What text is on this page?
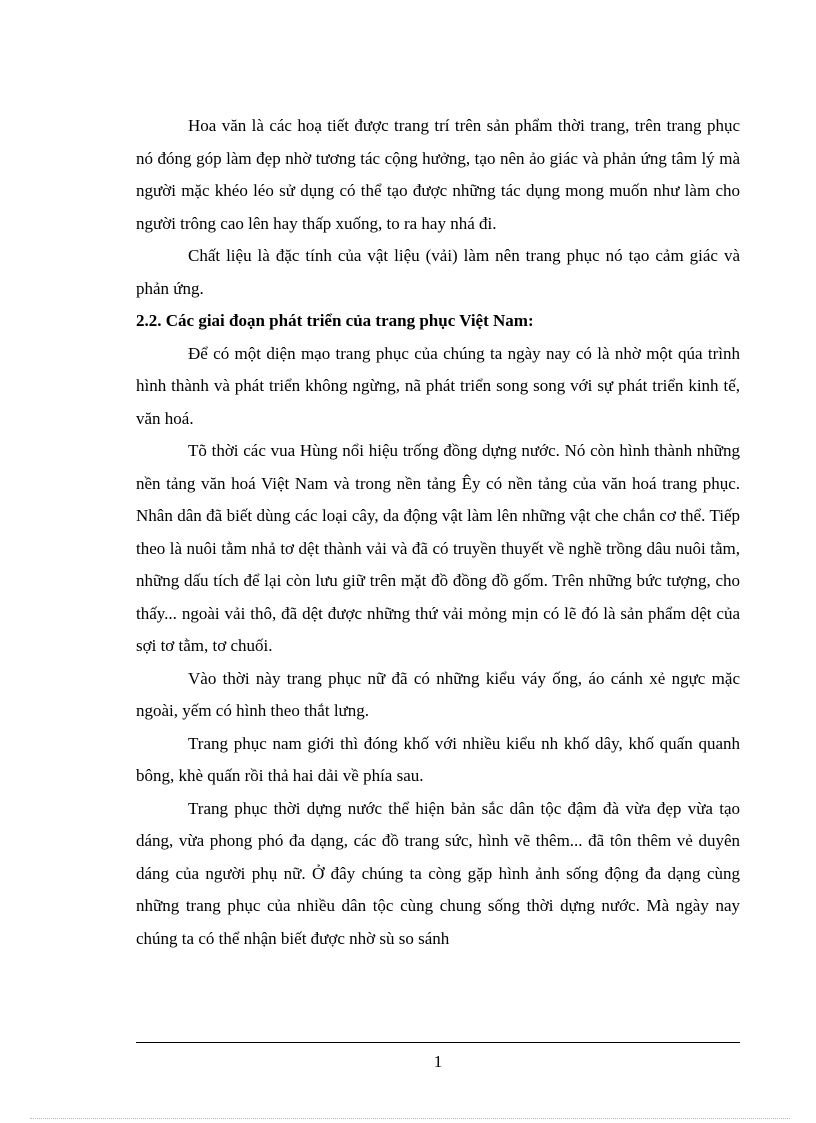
Hoa văn là các hoạ tiết được trang trí trên sản phẩm thời trang, trên trang phục nó đóng góp làm đẹp nhờ tương tác cộng hưởng, tạo nên ảo giác và phản ứng tâm lý mà người mặc khéo léo sử dụng có thể tạo được những tác dụng mong muốn như làm cho người trông cao lên hay thấp xuống, to ra hay nhá đi.

Chất liệu là đặc tính của vật liệu (vải) làm nên trang phục nó tạo cảm giác và phản ứng.

2.2. Các giai đoạn phát triển của trang phục Việt Nam:

Để có một diện mạo trang phục của chúng ta ngày nay có là nhờ một qúa trình hình thành và phát triển không ngừng, nã phát triển song song với sự phát triển kinh tế, văn hoá.

Tõ thời các vua Hùng nổi hiệu trống đồng dựng nước. Nó còn hình thành những nền tảng văn hoá Việt Nam và trong nền tảng Êy có nền tảng của văn hoá trang phục. Nhân dân đã biết dùng các loại cây, da động vật làm lên những vật che chắn cơ thể. Tiếp theo là nuôi tằm nhả tơ dệt thành vải và đã có truyền thuyết về nghề trồng dâu nuôi tằm, những dấu tích để lại còn lưu giữ trên mặt đồ đồng đồ gốm. Trên những bức tượng, cho thấy... ngoài vải thô, đã dệt được những thứ vải mỏng mịn có lẽ đó là sản phẩm dệt của sợi tơ tằm, tơ chuối.

Vào thời này trang phục nữ đã có những kiểu váy ống, áo cánh xẻ ngực mặc ngoài, yếm có hình theo thắt lưng.

Trang phục nam giới thì đóng khố với nhiều kiểu nh khố dây, khố quấn quanh bông, khè quấn rồi thả hai dải về phía sau.

Trang phục thời dựng nước thể hiện bản sắc dân tộc đậm đà vừa đẹp vừa tạo dáng, vừa phong phó đa dạng, các đồ trang sức, hình vẽ thêm... đã tôn thêm vẻ duyên dáng của người phụ nữ. Ở đây chúng ta còng gặp hình ảnh sống động đa dạng cùng những trang phục của nhiều dân tộc cùng chung sống thời dựng nước. Mà ngày nay chúng ta có thể nhận biết được nhờ sù so sánh

1
